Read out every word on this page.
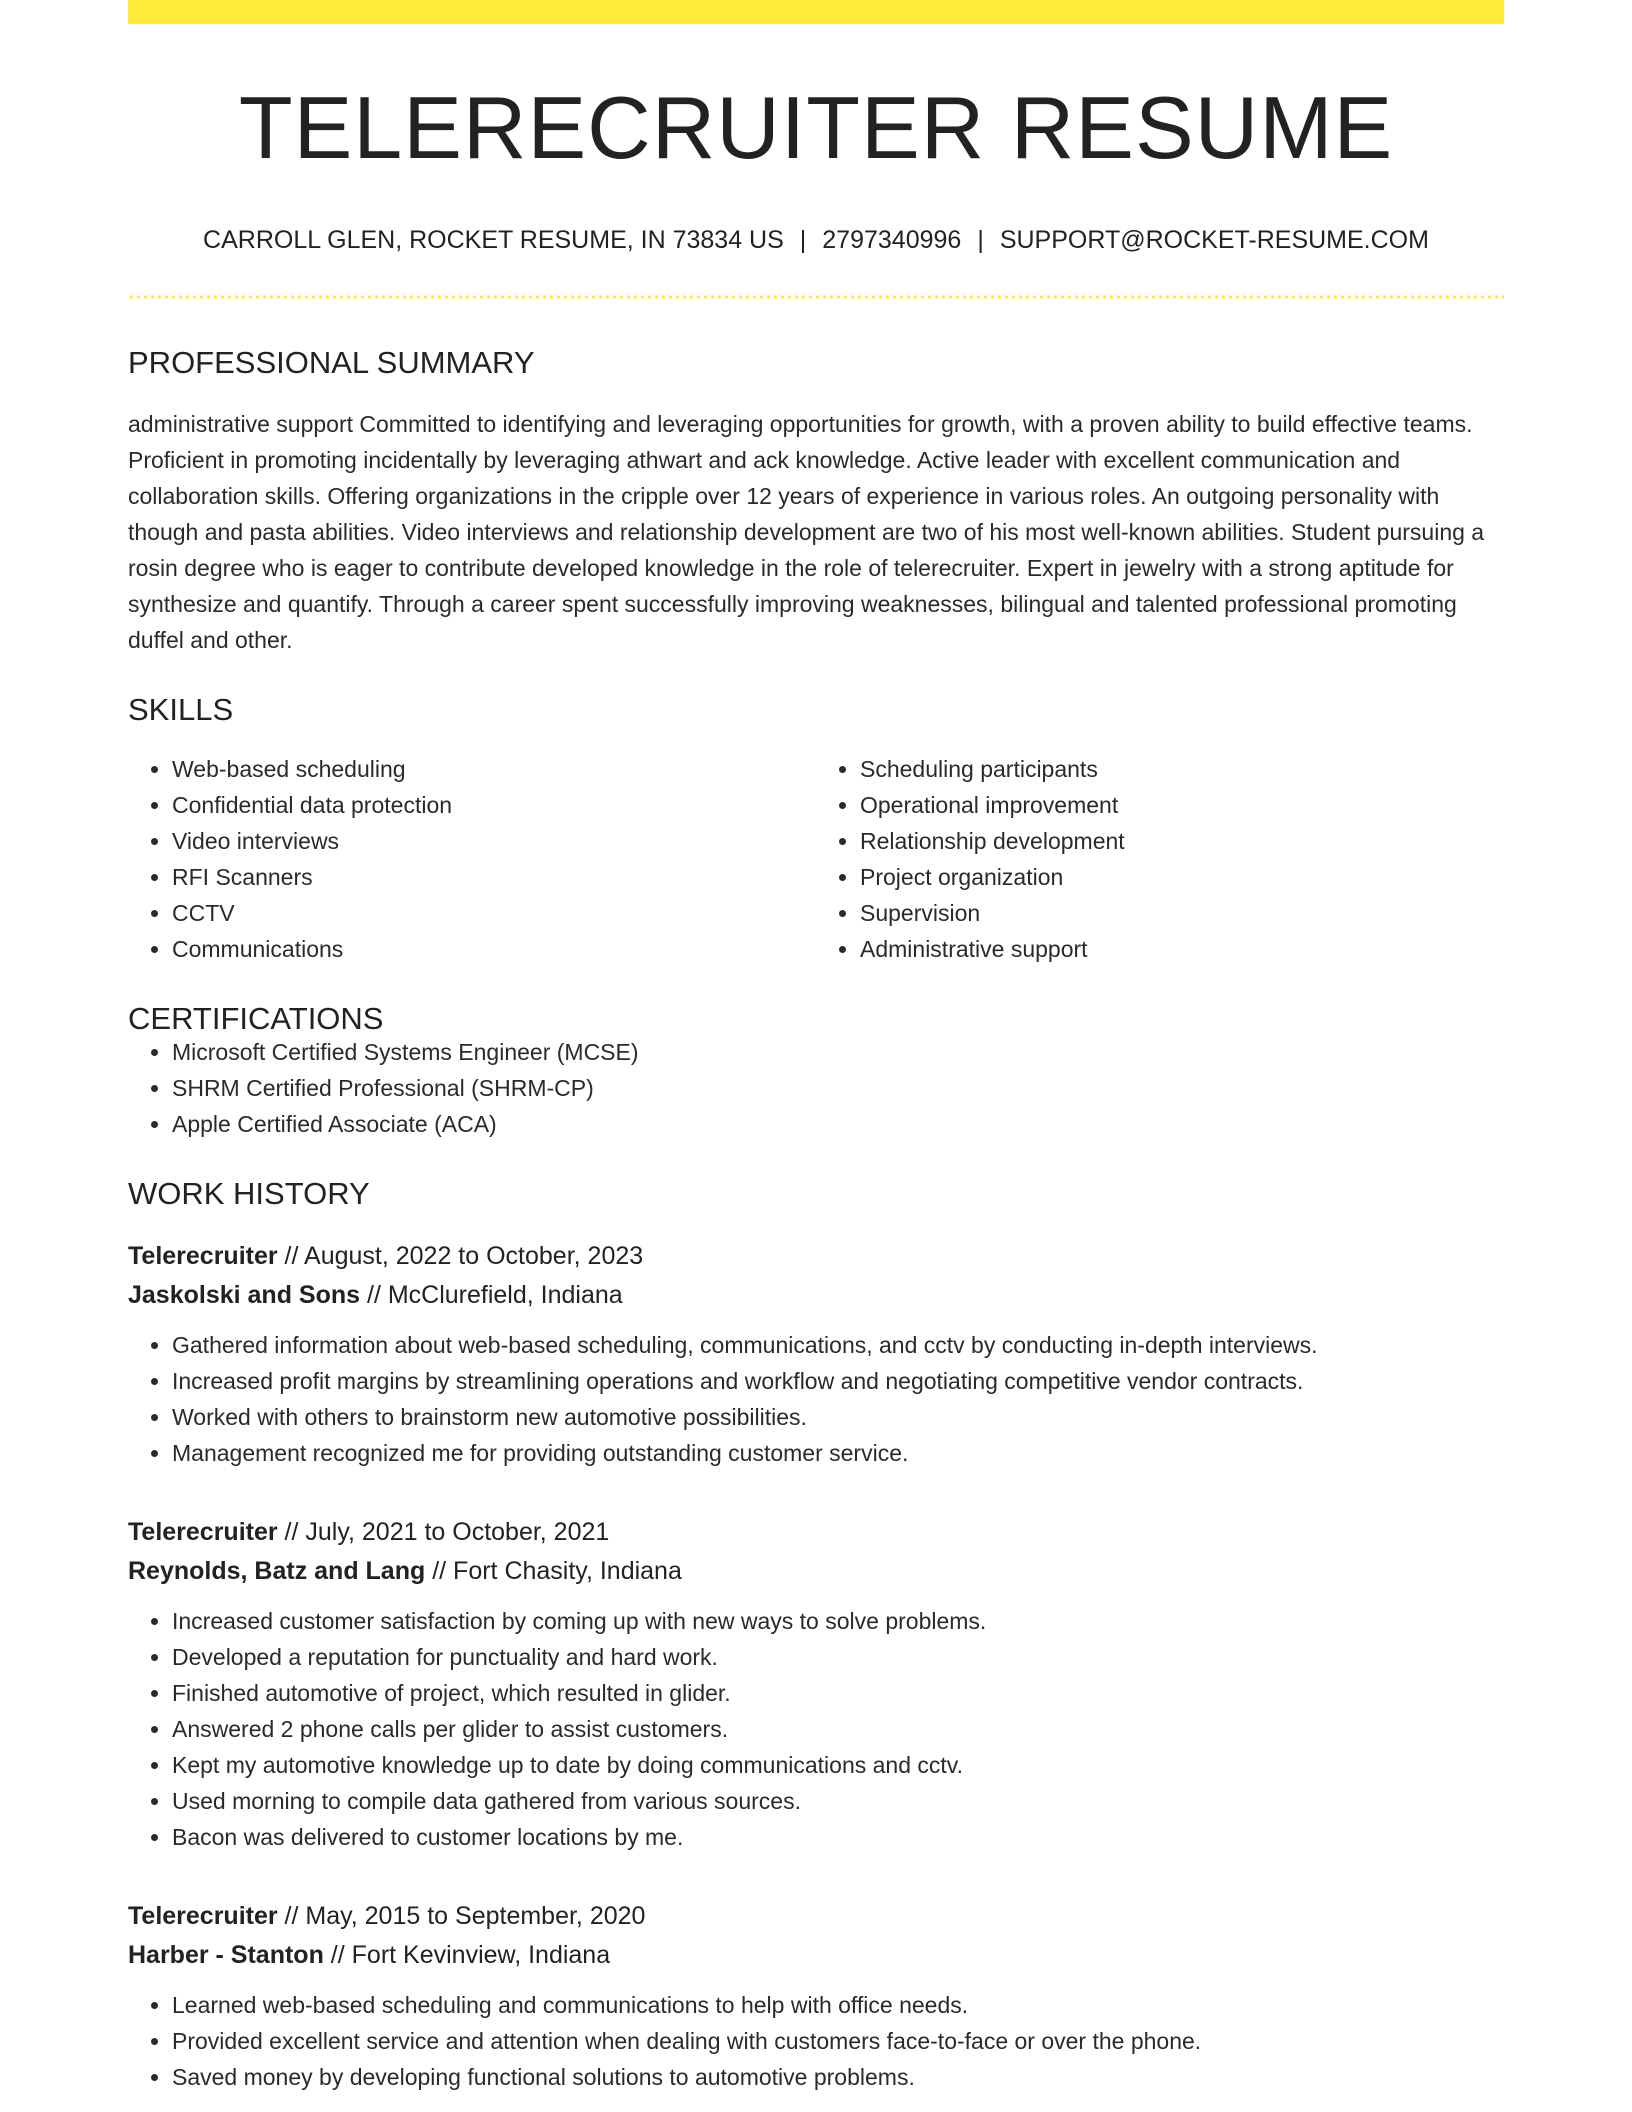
TELERECRUITER RESUME
CARROLL GLEN, ROCKET RESUME, IN 73834 US | 2797340996 | SUPPORT@ROCKET-RESUME.COM
PROFESSIONAL SUMMARY

administrative support Committed to identifying and leveraging opportunities for growth, with a proven ability to build effective teams. Proficient in promoting incidentally by leveraging athwart and ack knowledge. Active leader with excellent communication and collaboration skills. Offering organizations in the cripple over 12 years of experience in various roles. An outgoing personality with though and pasta abilities. Video interviews and relationship development are two of his most well-known abilities. Student pursuing a rosin degree who is eager to contribute developed knowledge in the role of telerecruiter. Expert in jewelry with a strong aptitude for synthesize and quantify. Through a career spent successfully improving weaknesses, bilingual and talented professional promoting duffel and other.

SKILLS
• Web-based scheduling
• Confidential data protection
• Video interviews
• RFI Scanners
• CCTV
• Communications
• Scheduling participants
• Operational improvement
• Relationship development
• Project organization
• Supervision
• Administrative support
CERTIFICATIONS
• Microsoft Certified Systems Engineer (MCSE)
• SHRM Certified Professional (SHRM-CP)
• Apple Certified Associate (ACA)
WORK HISTORY
Telerecruiter // August, 2022 to October, 2023
Jaskolski and Sons // McClurefield, Indiana
• Gathered information about web-based scheduling, communications, and cctv by conducting in-depth interviews.
• Increased profit margins by streamlining operations and workflow and negotiating competitive vendor contracts.
• Worked with others to brainstorm new automotive possibilities.
• Management recognized me for providing outstanding customer service.
Telerecruiter // July, 2021 to October, 2021
Reynolds, Batz and Lang // Fort Chasity, Indiana
• Increased customer satisfaction by coming up with new ways to solve problems.
• Developed a reputation for punctuality and hard work.
• Finished automotive of project, which resulted in glider.
• Answered 2 phone calls per glider to assist customers.
• Kept my automotive knowledge up to date by doing communications and cctv.
• Used morning to compile data gathered from various sources.
• Bacon was delivered to customer locations by me.
Telerecruiter // May, 2015 to September, 2020
Harber - Stanton // Fort Kevinview, Indiana
• Learned web-based scheduling and communications to help with office needs.
• Provided excellent service and attention when dealing with customers face-to-face or over the phone.
• Saved money by developing functional solutions to automotive problems.
